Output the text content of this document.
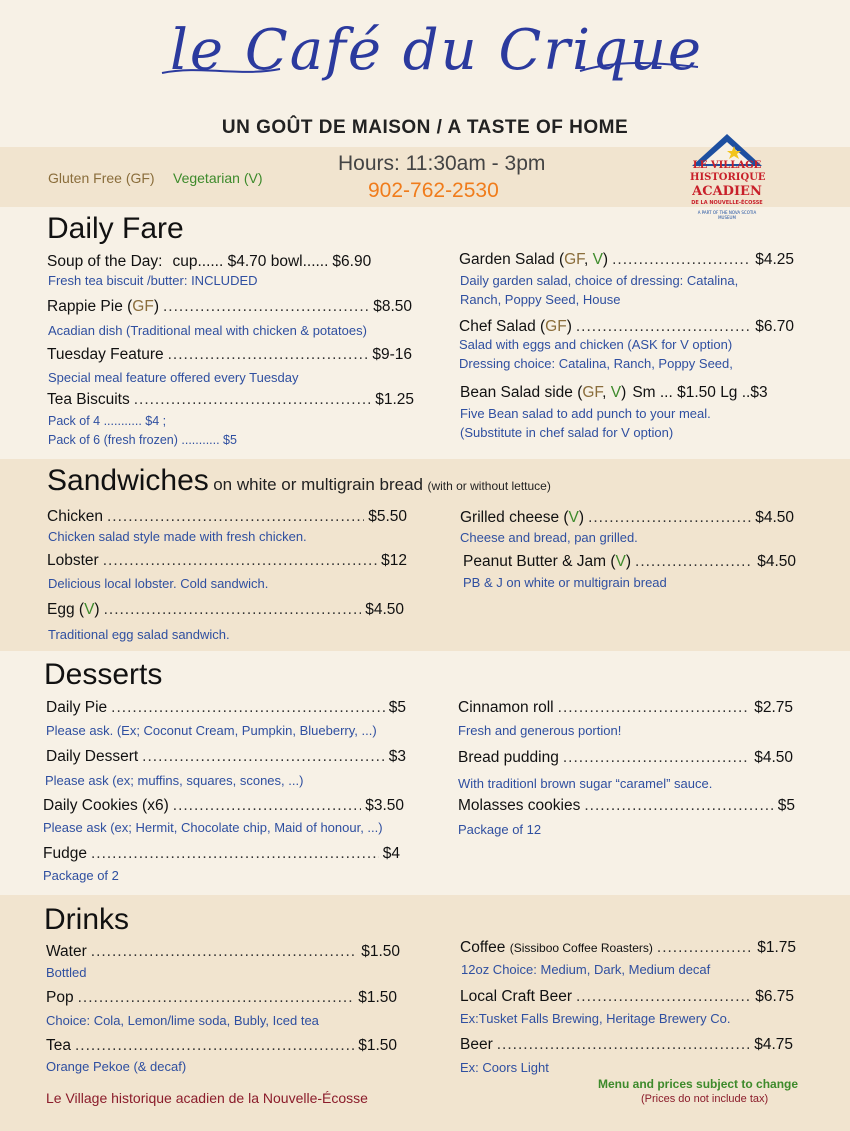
le Café du Crique
UN GOÛT DE MAISON / A TASTE OF HOME
Gluten Free (GF) Vegetarian (V)
Hours: 11:30am - 3pm
902-762-2530
LE VILLAGE
HISTORIQUE
ACADIEN
DE LA NOUVELLE-ÉCOSSE
A PART OF THE NOVA SCOTIA MUSEUM
Daily Fare
Soup of the Day: cup...... $4.70 bowl...... $6.90
Fresh tea biscuit /butter: INCLUDED
Rappie Pie (GF) .....	$8.50
Acadian dish (Traditional meal with chicken & potatoes)
Tuesday Feature .....	$9-16
Special meal feature offered every Tuesday
Tea Biscuits .....	$1.25
Pack of 4 ........... $4 ;
Pack of 6 (fresh frozen) ........... $5
Garden Salad (GF, V) .....	$4.25
Daily garden salad, choice of dressing: Catalina,
Ranch, Poppy Seed, House
Chef Salad (GF) .....	$6.70
Salad with eggs and chicken (ASK for V option)
Dressing choice: Catalina, Ranch, Poppy Seed,
Bean Salad side (GF, V) Sm ... $1.50 Lg .. $3
Five Bean salad to add punch to your meal.
(Substitute in chef salad for V option)
Sandwiches on white or multigrain bread (with or without lettuce)
Chicken .....	$5.50
Chicken salad style made with fresh chicken.
Lobster .....	$12
Delicious local lobster. Cold sandwich.
Egg (V) .....	$4.50
Traditional egg salad sandwich.
Grilled cheese (V) .....	$4.50
Cheese and bread, pan grilled.
Peanut Butter & Jam (V) .....	$4.50
PB & J on white or multigrain bread
Desserts
Daily Pie .....	$5
Please ask. (Ex; Coconut Cream, Pumpkin, Blueberry, ...)
Daily Dessert .....	$3
Please ask (ex; muffins, squares, scones, ...)
Daily Cookies (x6) .....	$3.50
Please ask (ex; Hermit, Chocolate chip, Maid of honour, ...)
Fudge .....	$4
Package of 2
Cinnamon roll .....	$2.75
Fresh and generous portion!
Bread pudding .....	$4.50
With traditionl brown sugar “caramel” sauce.
Molasses cookies .....	$5
Package of 12
Drinks
Water .....	$1.50
Bottled
Pop .....	$1.50
Choice: Cola, Lemon/lime soda, Bubly, Iced tea
Tea .....	$1.50
Orange Pekoe (& decaf)
Coffee (Sissiboo Coffee Roasters) .....	$1.75
12oz Choice: Medium, Dark, Medium decaf
Local Craft Beer .....	$6.75
Ex:Tusket Falls Brewing, Heritage Brewery Co.
Beer .....	$4.75
Ex: Coors Light
Le Village historique acadien de la Nouvelle-Écosse
Menu and prices subject to change
(Prices do not include tax)
